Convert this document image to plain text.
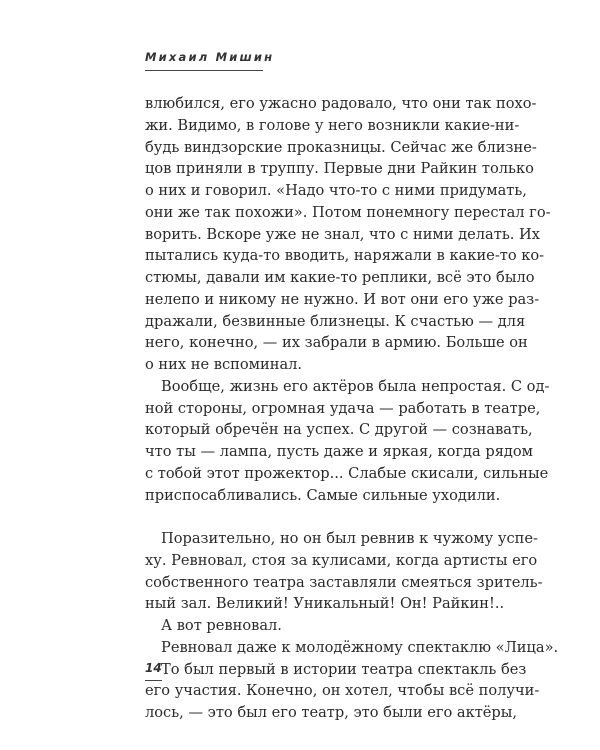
Михаил Мишин
влюбился, его ужасно радовало, что они так похо-
жи. Видимо, в голове у него возникли какие-ни-
будь виндзорские проказницы. Сейчас же близне-
цов приняли в труппу. Первые дни Райкин только
о них и говорил. «Надо что-то с ними придумать,
они же так похожи». Потом понемногу перестал го-
ворить. Вскоре уже не знал, что с ними делать. Их
пытались куда-то вводить, наряжали в какие-то ко-
стюмы, давали им какие-то реплики, всё это было
нелепо и никому не нужно. И вот они его уже раз-
дражали, безвинные близнецы. К счастью — для
него, конечно, — их забрали в армию. Больше он
о них не вспоминал.
Вообще, жизнь его актёров была непростая. С од-
ной стороны, огромная удача — работать в театре,
который обречён на успех. С другой — сознавать,
что ты — лампа, пусть даже и яркая, когда рядом
с тобой этот прожектор... Слабые скисали, сильные
приспосабливались. Самые сильные уходили.
Поразительно, но он был ревнив к чужому успе-
ху. Ревновал, стоя за кулисами, когда артисты его
собственного театра заставляли смеяться зритель-
ный зал. Великий! Уникальный! Он! Райкин!..
А вот ревновал.
Ревновал даже к молодёжному спектаклю «Лица».
То был первый в истории театра спектакль без
его участия. Конечно, он хотел, чтобы всё получи-
лось, — это был его театр, это были его актёры,
14
